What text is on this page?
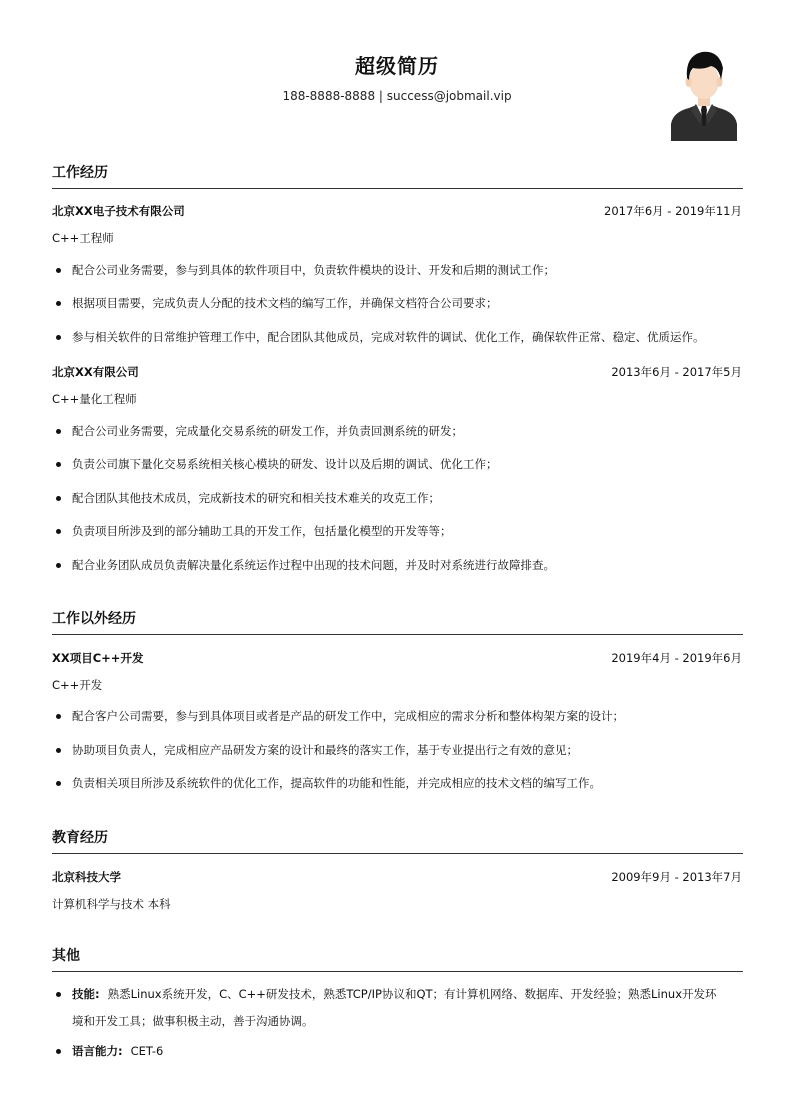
超级简历
188-8888-8888 | success@jobmail.vip
工作经历
北京XX电子技术有限公司	2017年6月 - 2019年11月
C++工程师
配合公司业务需要，参与到具体的软件项目中，负责软件模块的设计、开发和后期的测试工作；
根据项目需要，完成负责人分配的技术文档的编写工作，并确保文档符合公司要求；
参与相关软件的日常维护管理工作中，配合团队其他成员，完成对软件的调试、优化工作，确保软件正常、稳定、优质运作。
北京XX有限公司	2013年6月 - 2017年5月
C++量化工程师
配合公司业务需要，完成量化交易系统的研发工作，并负责回测系统的研发；
负责公司旗下量化交易系统相关核心模块的研发、设计以及后期的调试、优化工作；
配合团队其他技术成员，完成新技术的研究和相关技术难关的攻克工作；
负责项目所涉及到的部分辅助工具的开发工作，包括量化模型的开发等等；
配合业务团队成员负责解决量化系统运作过程中出现的技术问题，并及时对系统进行故障排查。
工作以外经历
XX项目C++开发	2019年4月 - 2019年6月
C++开发
配合客户公司需要，参与到具体项目或者是产品的研发工作中，完成相应的需求分析和整体构架方案的设计；
协助项目负责人，完成相应产品研发方案的设计和最终的落实工作，基于专业提出行之有效的意见；
负责相关项目所涉及系统软件的优化工作，提高软件的功能和性能，并完成相应的技术文档的编写工作。
教育经历
北京科技大学	2009年9月 - 2013年7月
计算机科学与技术 本科
其他
技能: 熟悉Linux系统开发，C、C++研发技术，熟悉TCP/IP协议和QT；有计算机网络、数据库、开发经验；熟悉Linux开发环
境和开发工具；做事积极主动，善于沟通协调。
语言能力: CET-6
